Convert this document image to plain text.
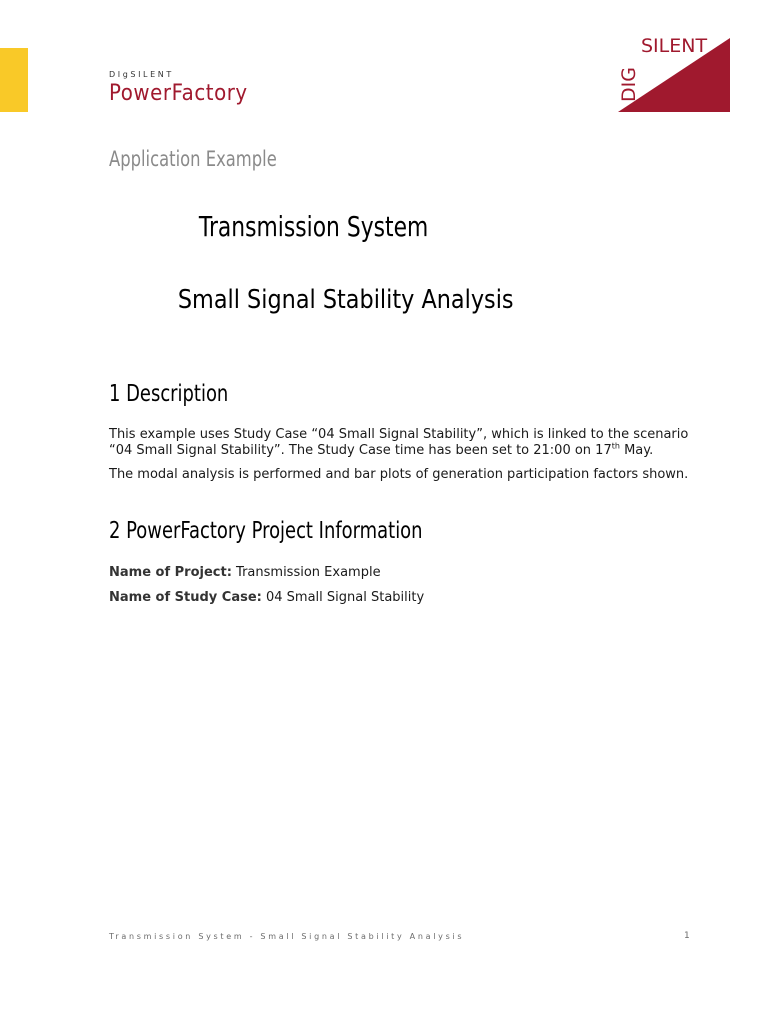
DIgSILENT
PowerFactory
SILENT
DIG
Application Example
Transmission System
Small Signal Stability Analysis
1 Description
This example uses Study Case “04 Small Signal Stability”, which is linked to the scenario “04 Small Signal Stability”. The Study Case time has been set to 21:00 on 17th May.
The modal analysis is performed and bar plots of generation participation factors shown.
2 PowerFactory Project Information
Name of Project: Transmission Example
Name of Study Case: 04 Small Signal Stability
Transmission System - Small Signal Stability Analysis	1
